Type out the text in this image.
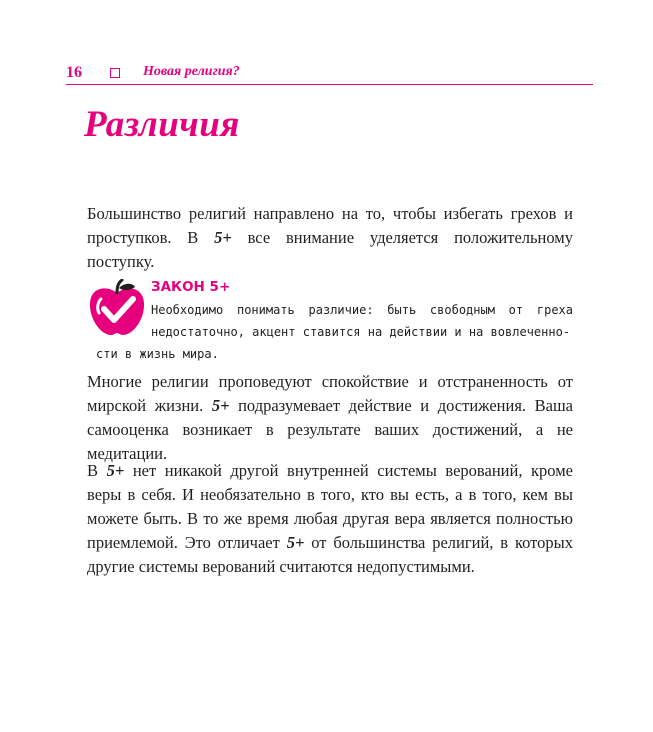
16	Новая религия?
Различия

Большинство религий направлено на то, чтобы избегать грехов и проступков. В 5+ все внимание уделяется положительному поступку.

ЗАКОН 5+
Необходимо понимать различие: быть свободным от греха недостаточно, акцент ставится на действии и на вовлеченно-
сти в жизнь мира.

Многие религии проповедуют спокойствие и отстраненность от мирской жизни. 5+ подразумевает действие и достижения. Ваша самооценка возникает в результате ваших достижений, а не медитации.

В 5+ нет никакой другой внутренней системы верований, кроме веры в себя. И необязательно в того, кто вы есть, а в того, кем вы можете быть. В то же время любая другая вера является полностью приемлемой. Это отличает 5+ от большинства религий, в которых другие системы верований считаются недопустимыми.
